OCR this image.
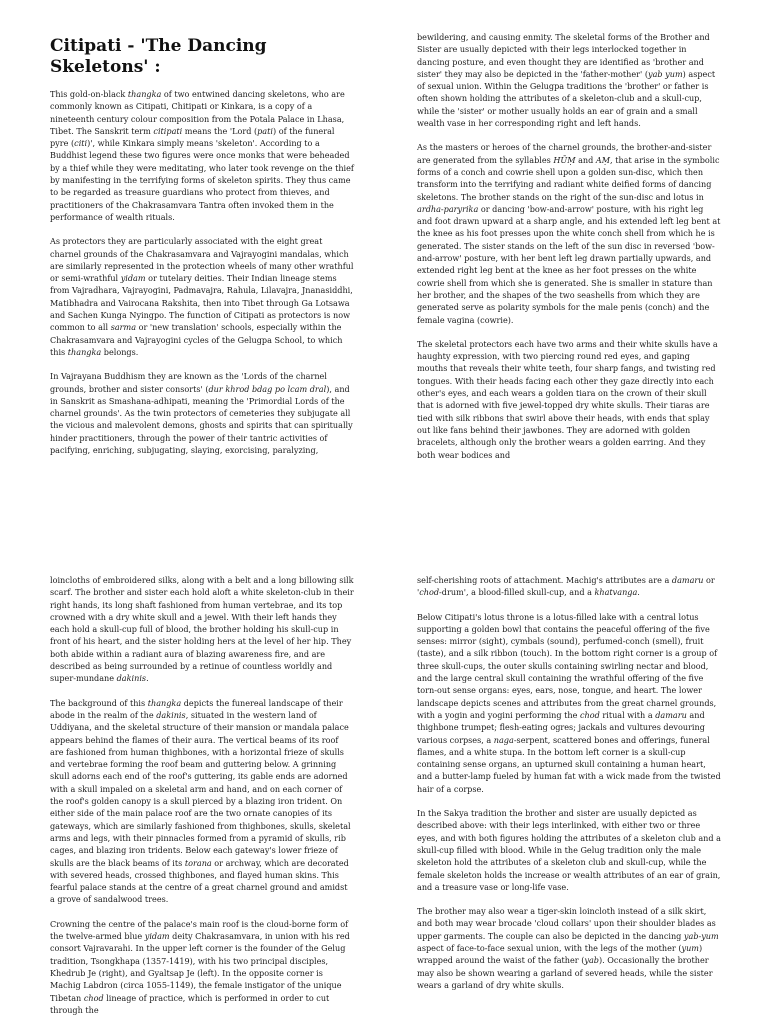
Citipati - 'The Dancing Skeletons' :

This gold-on-black thangka of two entwined dancing skeletons, who are commonly known as Citipati, Chitipati or Kinkara, is a copy of a nineteenth century colour composition from the Potala Palace in Lhasa, Tibet. The Sanskrit term citipati means the 'Lord (pati) of the funeral pyre (citi)', while Kinkara simply means 'skeleton'. According to a Buddhist legend these two figures were once monks that were beheaded by a thief while they were meditating, who later took revenge on the thief by manifesting in the terrifying forms of skeleton spirits. They thus came to be regarded as treasure guardians who protect from thieves, and practitioners of the Chakrasamvara Tantra often invoked them in the performance of wealth rituals.

As protectors they are particularly associated with the eight great charnel grounds of the Chakrasamvara and Vajrayogini mandalas, which are similarly represented in the protection wheels of many other wrathful or semi-wrathful yidam or tutelary deities. Their Indian lineage stems from Vajradhara, Vajrayogini, Padmavajra, Rahula, Lilavajra, Jnanasiddhi, Matibhadra and Vairocana Rakshita, then into Tibet through Ga Lotsawa and Sachen Kunga Nyingpo. The function of Citipati as protectors is now common to all sarma or 'new translation' schools, especially within the Chakrasamvara and Vajrayogini cycles of the Gelugpa School, to which this thangka belongs.

In Vajrayana Buddhism they are known as the 'Lords of the charnel grounds, brother and sister consorts' (dur khrod bdag po lcam dral), and in Sanskrit as Smashana-adhipati, meaning the 'Primordial Lords of the charnel grounds'. As the twin protectors of cemeteries they subjugate all the vicious and malevolent demons, ghosts and spirits that can spiritually hinder practitioners, through the power of their tantric activities of pacifying, enriching, subjugating, slaying, exorcising, paralyzing,

bewildering, and causing enmity. The skeletal forms of the Brother and Sister are usually depicted with their legs interlocked together in dancing posture, and even thought they are identified as 'brother and sister' they may also be depicted in the 'father-mother' (yab yum) aspect of sexual union. Within the Gelugpa traditions the 'brother' or father is often shown holding the attributes of a skeleton-club and a skull-cup, while the 'sister' or mother usually holds an ear of grain and a small wealth vase in her corresponding right and left hands.

As the masters or heroes of the charnel grounds, the brother-and-sister are generated from the syllables HŪṂ and AṂ, that arise in the symbolic forms of a conch and cowrie shell upon a golden sun-disc, which then transform into the terrifying and radiant white deified forms of dancing skeletons. The brother stands on the right of the sun-disc and lotus in ardha-paryrika or dancing 'bow-and-arrow' posture, with his right leg and foot drawn upward at a sharp angle, and his extended left leg bent at the knee as his foot presses upon the white conch shell from which he is generated. The sister stands on the left of the sun disc in reversed 'bow-and-arrow' posture, with her bent left leg drawn partially upwards, and extended right leg bent at the knee as her foot presses on the white cowrie shell from which she is generated. She is smaller in stature than her brother, and the shapes of the two seashells from which they are generated serve as polarity symbols for the male penis (conch) and the female vagina (cowrie).

The skeletal protectors each have two arms and their white skulls have a haughty expression, with two piercing round red eyes, and gaping mouths that reveals their white teeth, four sharp fangs, and twisting red tongues. With their heads facing each other they gaze directly into each other's eyes, and each wears a golden tiara on the crown of their skull that is adorned with five jewel-topped dry white skulls. Their tiaras are tied with silk ribbons that swirl above their heads, with ends that splay out like fans behind their jawbones. They are adorned with golden bracelets, although only the brother wears a golden earring. And they both wear bodices and

loincloths of embroidered silks, along with a belt and a long billowing silk scarf. The brother and sister each hold aloft a white skeleton-club in their right hands, its long shaft fashioned from human vertebrae, and its top crowned with a dry white skull and a jewel. With their left hands they each hold a skull-cup full of blood, the brother holding his skull-cup in front of his heart, and the sister holding hers at the level of her hip. They both abide within a radiant aura of blazing awareness fire, and are described as being surrounded by a retinue of countless worldly and super-mundane dakinis.

The background of this thangka depicts the funereal landscape of their abode in the realm of the dakinis, situated in the western land of Uddiyana, and the skeletal structure of their mansion or mandala palace appears behind the flames of their aura. The vertical beams of its roof are fashioned from human thighbones, with a horizontal frieze of skulls and vertebrae forming the roof beam and guttering below. A grinning skull adorns each end of the roof's guttering, its gable ends are adorned with a skull impaled on a skeletal arm and hand, and on each corner of the roof's golden canopy is a skull pierced by a blazing iron trident. On either side of the main palace roof are the two ornate canopies of its gateways, which are similarly fashioned from thighbones, skulls, skeletal arms and legs, with their pinnacles formed from a pyramid of skulls, rib cages, and blazing iron tridents. Below each gateway's lower frieze of skulls are the black beams of its torana or archway, which are decorated with severed heads, crossed thighbones, and flayed human skins. This fearful palace stands at the centre of a great charnel ground and amidst a grove of sandalwood trees.

Crowning the centre of the palace's main roof is the cloud-borne form of the twelve-armed blue yidam deity Chakrasamvara, in union with his red consort Vajravarahi. In the upper left corner is the founder of the Gelug tradition, Tsongkhapa (1357-1419), with his two principal disciples, Khedrub Je (right), and Gyaltsap Je (left). In the opposite corner is Machig Labdron (circa 1055-1149), the female instigator of the unique Tibetan chod lineage of practice, which is performed in order to cut through the

self-cherishing roots of attachment. Machig's attributes are a damaru or 'chod-drum', a blood-filled skull-cup, and a khatvanga.

Below Citipati's lotus throne is a lotus-filled lake with a central lotus supporting a golden bowl that contains the peaceful offering of the five senses: mirror (sight), cymbals (sound), perfumed-conch (smell), fruit (taste), and a silk ribbon (touch). In the bottom right corner is a group of three skull-cups, the outer skulls containing swirling nectar and blood, and the large central skull containing the wrathful offering of the five torn-out sense organs: eyes, ears, nose, tongue, and heart. The lower landscape depicts scenes and attributes from the great charnel grounds, with a yogin and yogini performing the chod ritual with a damaru and thighbone trumpet; flesh-eating ogres; jackals and vultures devouring various corpses, a naga-serpent, scattered bones and offerings, funeral flames, and a white stupa. In the bottom left corner is a skull-cup containing sense organs, an upturned skull containing a human heart, and a butter-lamp fueled by human fat with a wick made from the twisted hair of a corpse.

In the Sakya tradition the brother and sister are usually depicted as described above: with their legs interlinked, with either two or three eyes, and with both figures holding the attributes of a skeleton club and a skull-cup filled with blood. While in the Gelug tradition only the male skeleton hold the attributes of a skeleton club and skull-cup, while the female skeleton holds the increase or wealth attributes of an ear of grain, and a treasure vase or long-life vase.

The brother may also wear a tiger-skin loincloth instead of a silk skirt, and both may wear brocade 'cloud collars' upon their shoulder blades as upper garments. The couple can also be depicted in the dancing yab-yum aspect of face-to-face sexual union, with the legs of the mother (yum) wrapped around the waist of the father (yab). Occasionally the brother may also be shown wearing a garland of severed heads, while the sister wears a garland of dry white skulls.
